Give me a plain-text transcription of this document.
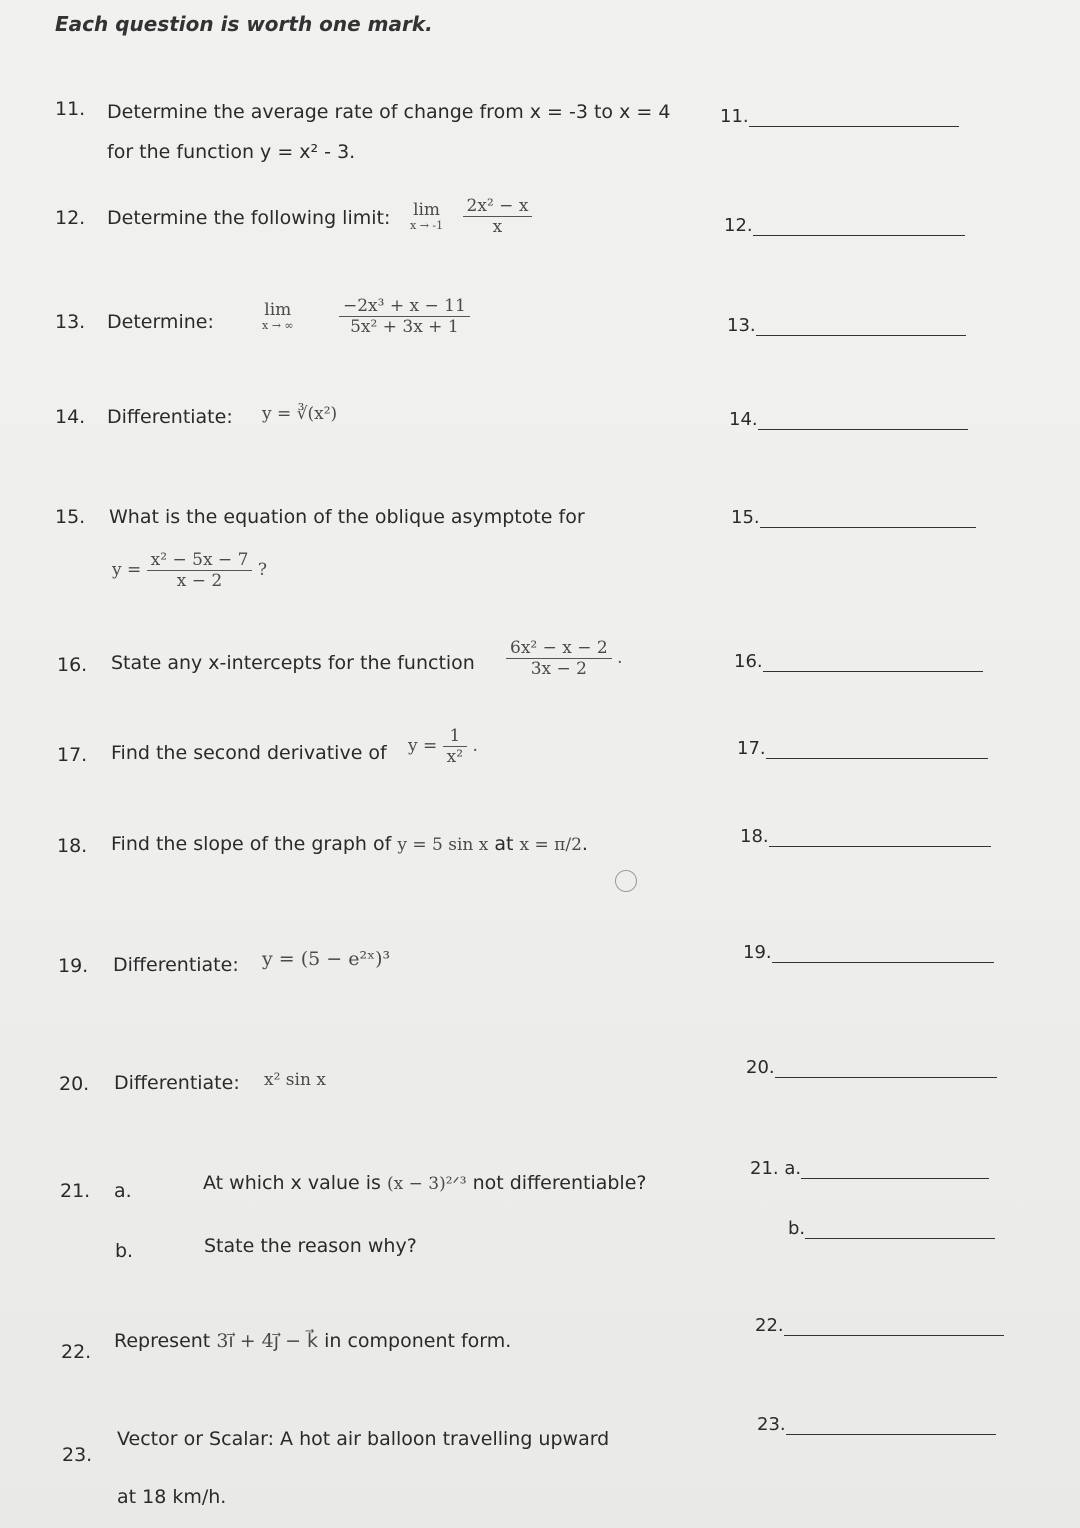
Each question is worth one mark.
11. Determine the average rate of change from x = -3 to x = 4
for the function y = x² - 3.
11.
12. Determine the following limit: lim
x → -1
$\frac{\text{2x² − x}}{x}$	12.
13. Determine:
lim
x → ∞
	$\frac{\text{−2x³ + x − 11}}{\text{5x² + 3x + 1}}$	13.
14. Differentiate: y = ∛(x²)	14.
15. What is the equation of the oblique asymptote for
$y = \frac{\text{x² − 5x − 7}}{x - 2}$ ?
15.
16. State any x-intercepts for the function $\frac{\text{6x² − x − 2}}{3x - 2}$ .	16.
17. Find the second derivative of $y = \frac{1}{\text{x²}}$ .	17.
18. Find the slope of the graph of y = 5 sin x at x = π/2.	18.
19. Differentiate: y = (5 − e²ˣ)³	19.
20. Differentiate: x² sin x
20.
21. a.	At which x value is (x − 3)²ᐟ³ not differentiable?
b.	State the reason why?
21. a.
b.
22. Represent 3i⃗ + 4j⃗ − k⃗ in component form.
22.
23.
Vector or Scalar: A hot air balloon travelling upward
at 18 km/h.
23.
